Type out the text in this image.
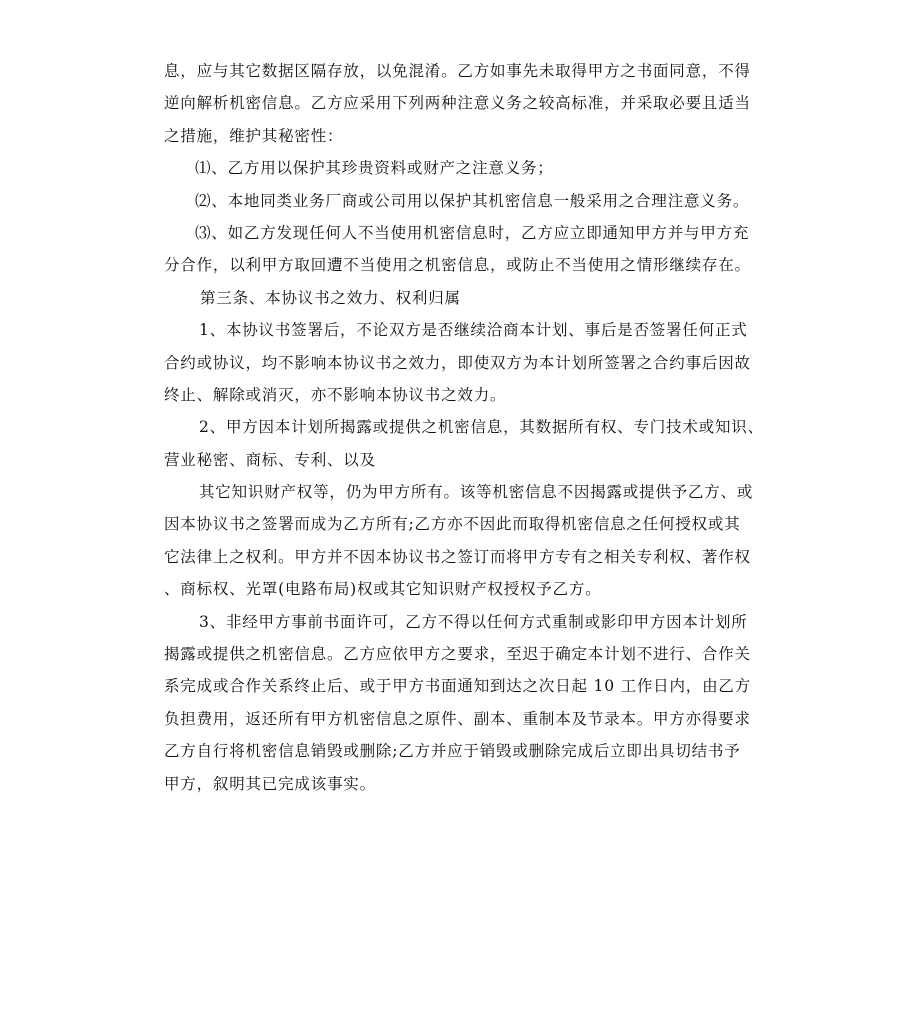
息，应与其它数据区隔存放，以免混淆。乙方如事先未取得甲方之书面同意，不得
逆向解析机密信息。乙方应采用下列两种注意义务之较高标准，并采取必要且适当
之措施，维护其秘密性：
⑴、乙方用以保护其珍贵资料或财产之注意义务；
⑵、本地同类业务厂商或公司用以保护其机密信息一般采用之合理注意义务。
⑶、如乙方发现任何人不当使用机密信息时，乙方应立即通知甲方并与甲方充
分合作，以利甲方取回遭不当使用之机密信息，或防止不当使用之情形继续存在。
第三条、本协议书之效力、权利归属
1、本协议书签署后，不论双方是否继续洽商本计划、事后是否签署任何正式
合约或协议，均不影响本协议书之效力，即使双方为本计划所签署之合约事后因故
终止、解除或消灭，亦不影响本协议书之效力。
2、甲方因本计划所揭露或提供之机密信息，其数据所有权、专门技术或知识、
营业秘密、商标、专利、以及
其它知识财产权等，仍为甲方所有。该等机密信息不因揭露或提供予乙方、或
因本协议书之签署而成为乙方所有;乙方亦不因此而取得机密信息之任何授权或其
它法律上之权利。甲方并不因本协议书之签订而将甲方专有之相关专利权、著作权
、商标权、光罩(电路布局)权或其它知识财产权授权予乙方。
3、非经甲方事前书面许可，乙方不得以任何方式重制或影印甲方因本计划所
揭露或提供之机密信息。乙方应依甲方之要求，至迟于确定本计划不进行、合作关
系完成或合作关系终止后、或于甲方书面通知到达之次日起 10 工作日内，由乙方
负担费用，返还所有甲方机密信息之原件、副本、重制本及节录本。甲方亦得要求
乙方自行将机密信息销毁或删除;乙方并应于销毁或删除完成后立即出具切结书予
甲方，叙明其已完成该事实。
